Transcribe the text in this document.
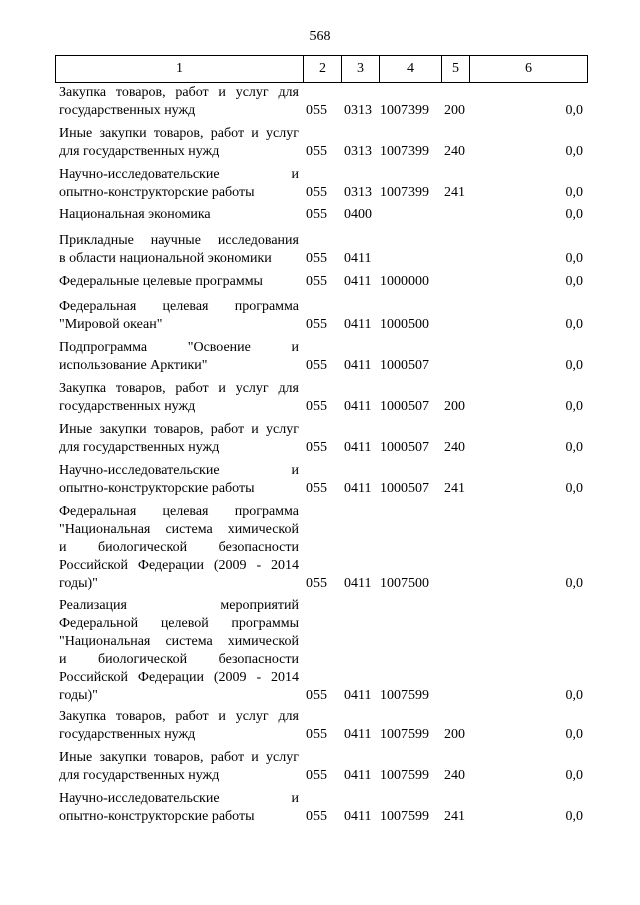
568
1	2	3	4	5	6
Закупка товаров, работ и услуг для
государственных нужд	055 0313 1007399 200	0,0
Иные закупки товаров, работ и услуг
для государственных нужд	055 0313 1007399 240	0,0
Научно-исследовательские и
опытно-конструкторские работы	055 0313 1007399 241	0,0
Национальная экономика	055 0400	0,0
Прикладные научные исследования
в области национальной экономики	055 0411	0,0
Федеральные целевые программы	055 0411 1000000	0,0
Федеральная целевая программа
"Мировой океан"	055 0411 1000500	0,0
Подпрограмма "Освоение и
использование Арктики"	055 0411 1000507	0,0
Закупка товаров, работ и услуг для
государственных нужд	055 0411 1000507 200	0,0
Иные закупки товаров, работ и услуг
для государственных нужд	055 0411 1000507 240	0,0
Научно-исследовательские и
опытно-конструкторские работы	055 0411 1000507 241	0,0
Федеральная целевая программа
"Национальная система химической
и биологической безопасности
Российской Федерации (2009 - 2014
годы)"	055 0411 1007500	0,0
Реализация мероприятий
Федеральной целевой программы
"Национальная система химической
и биологической безопасности
Российской Федерации (2009 - 2014
годы)"	055 0411 1007599	0,0
Закупка товаров, работ и услуг для
государственных нужд	055 0411 1007599 200	0,0
Иные закупки товаров, работ и услуг
для государственных нужд	055 0411 1007599 240	0,0
Научно-исследовательские и
опытно-конструкторские работы	055 0411 1007599 241	0,0
